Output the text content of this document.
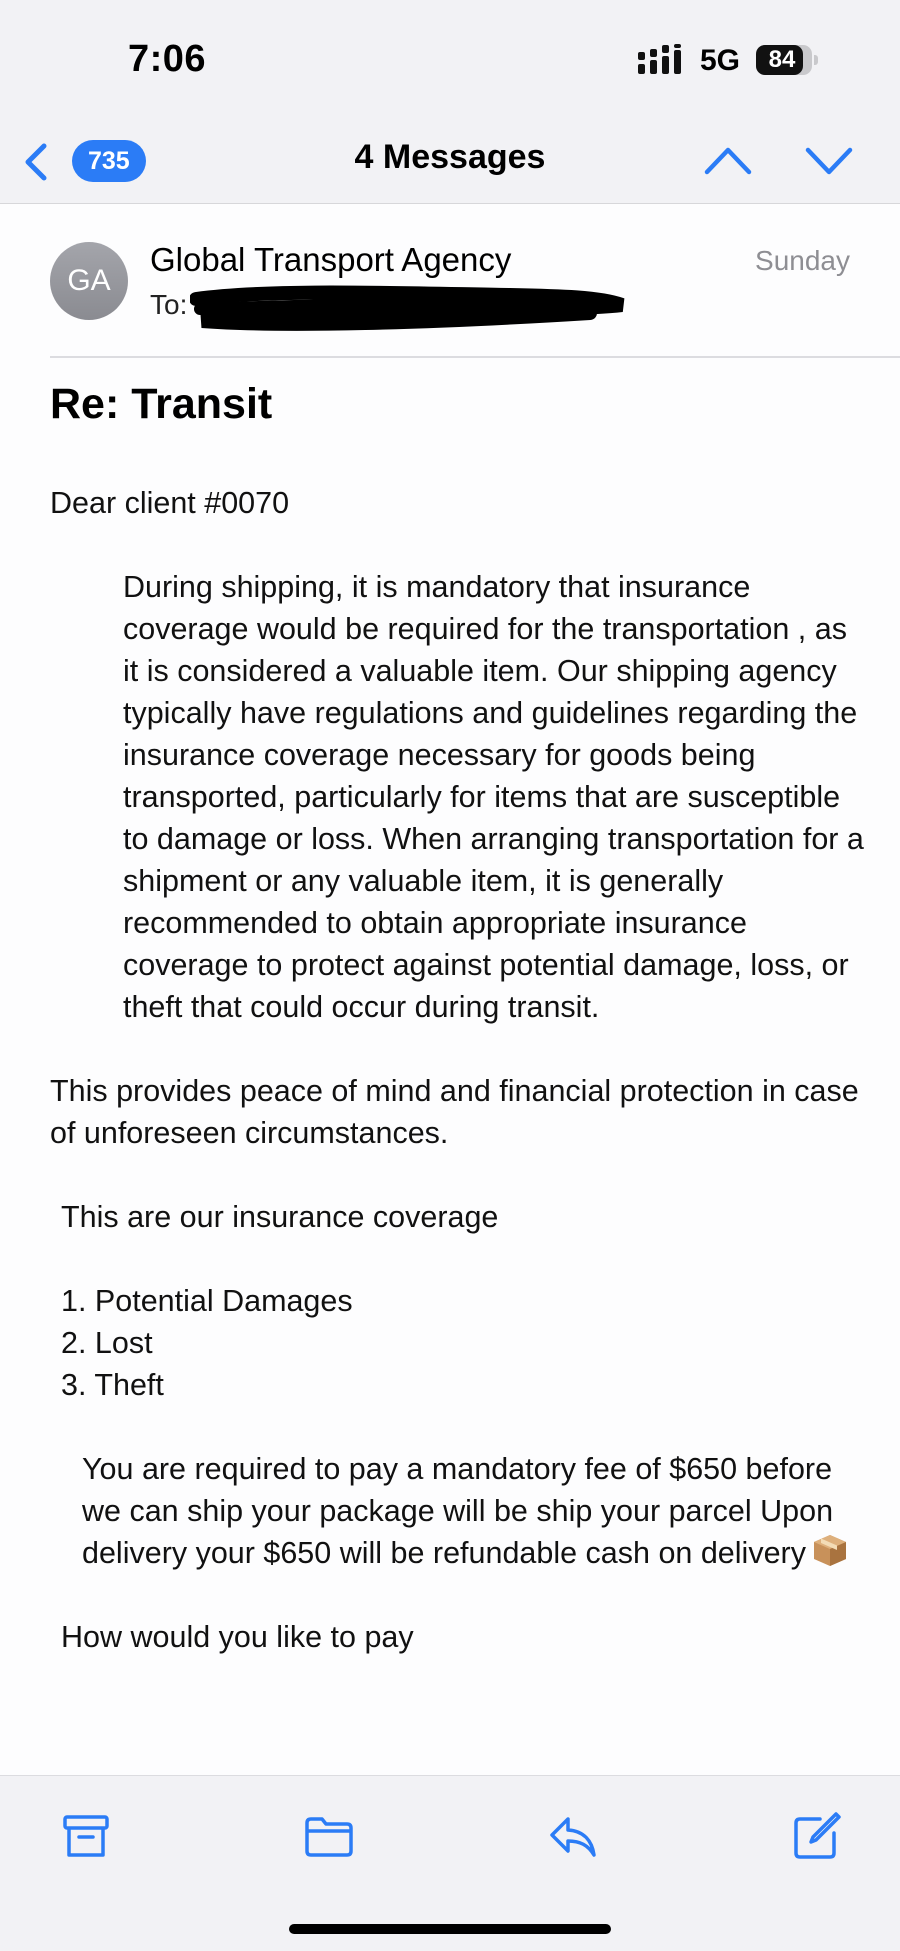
7:06	5G	84
735	4 Messages
GA
Global Transport Agency
To:
Sunday
Re: Transit

Dear client #0070

During shipping, it is mandatory that insurance coverage would be required for the transportation , as it is considered a valuable item. Our shipping agency typically have regulations and guidelines regarding the insurance coverage necessary for goods being transported, particularly for items that are susceptible to damage or loss. When arranging transportation for a shipment or any valuable item, it is generally recommended to obtain appropriate insurance coverage to protect against potential damage, loss, or theft that could occur during transit.

This provides peace of mind and financial protection in case of unforeseen circumstances.

This are our insurance coverage

1. Potential Damages

2. Lost

3. Theft

You are required to pay a mandatory fee of $650 before we can ship your package will be ship your parcel Upon delivery your $650 will be refundable cash on delivery

How would you like to pay
